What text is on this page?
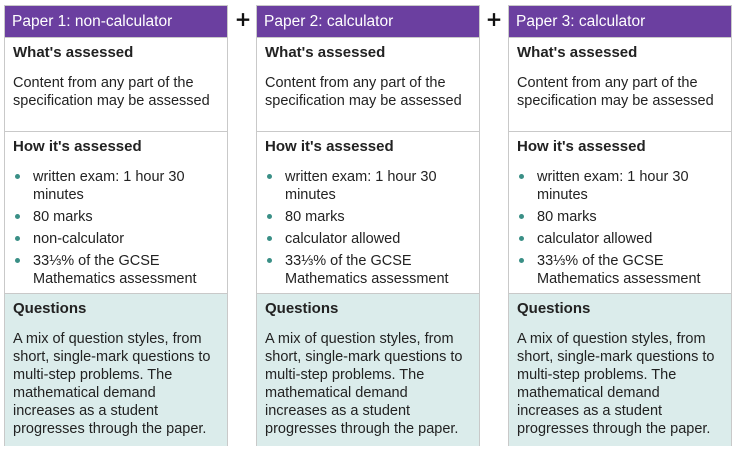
Paper 1: non-calculator
What's assessed
Content from any part of the specification may be assessed
How it's assessed
written exam: 1 hour 30 minutes
80 marks
non-calculator
33⅓% of the GCSE Mathematics assessment
Questions
A mix of question styles, from short, single-mark questions to multi-step problems. The mathematical demand increases as a student progresses through the paper.
+ Paper 2: calculator
What's assessed
Content from any part of the specification may be assessed
How it's assessed
written exam: 1 hour 30 minutes
80 marks
calculator allowed
33⅓% of the GCSE Mathematics assessment
Questions
A mix of question styles, from short, single-mark questions to multi-step problems. The mathematical demand increases as a student progresses through the paper.
+ Paper 3: calculator
What's assessed
Content from any part of the specification may be assessed
How it's assessed
written exam: 1 hour 30 minutes
80 marks
calculator allowed
33⅓% of the GCSE Mathematics assessment
Questions
A mix of question styles, from short, single-mark questions to multi-step problems. The mathematical demand increases as a student progresses through the paper.
